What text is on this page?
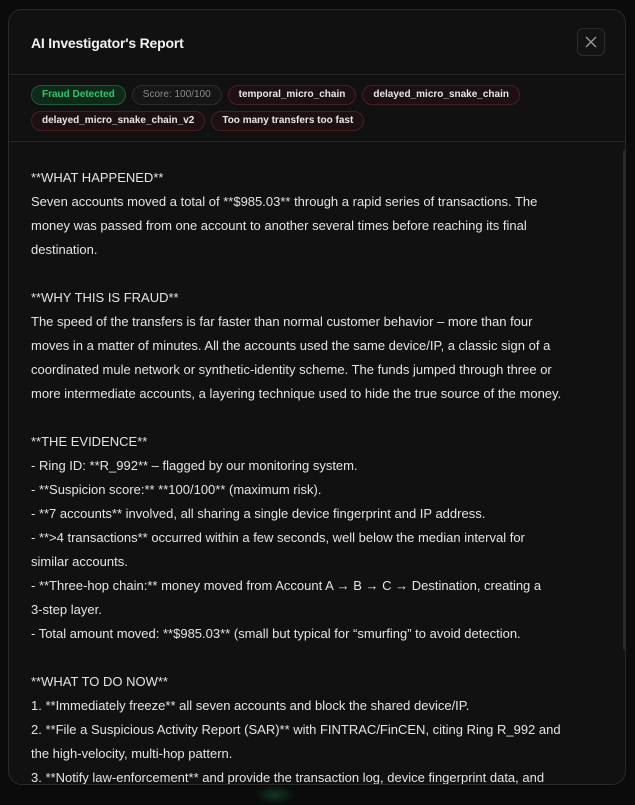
AI Investigator's Report
Fraud Detected	Score: 100/100	temporal_micro_chain	delayed_micro_snake_chain
delayed_micro_snake_chain_v2	Too many transfers too fast

**WHAT HAPPENED**

Seven accounts moved a total of **$985.03** through a rapid series of transactions. The

money was passed from one account to another several times before reaching its final

destination.

**WHY THIS IS FRAUD**

The speed of the transfers is far faster than normal customer behavior – more than four

moves in a matter of minutes. All the accounts used the same device/IP, a classic sign of a

coordinated mule network or synthetic-identity scheme. The funds jumped through three or

more intermediate accounts, a layering technique used to hide the true source of the money.

**THE EVIDENCE**

- Ring ID: **R_992** – flagged by our monitoring system.

- **Suspicion score:** **100/100** (maximum risk).

- **7 accounts** involved, all sharing a single device fingerprint and IP address.

- **>4 transactions** occurred within a few seconds, well below the median interval for

similar accounts.

- **Three-hop chain:** money moved from Account A → B → C → Destination, creating a

3-step layer.

- Total amount moved: **$985.03** (small but typical for “smurfing” to avoid detection.

**WHAT TO DO NOW**

1. **Immediately freeze** all seven accounts and block the shared device/IP.

2. **File a Suspicious Activity Report (SAR)** with FINTRAC/FinCEN, citing Ring R_992 and

the high-velocity, multi-hop pattern.

3. **Notify law-enforcement** and provide the transaction log, device fingerprint data, and
